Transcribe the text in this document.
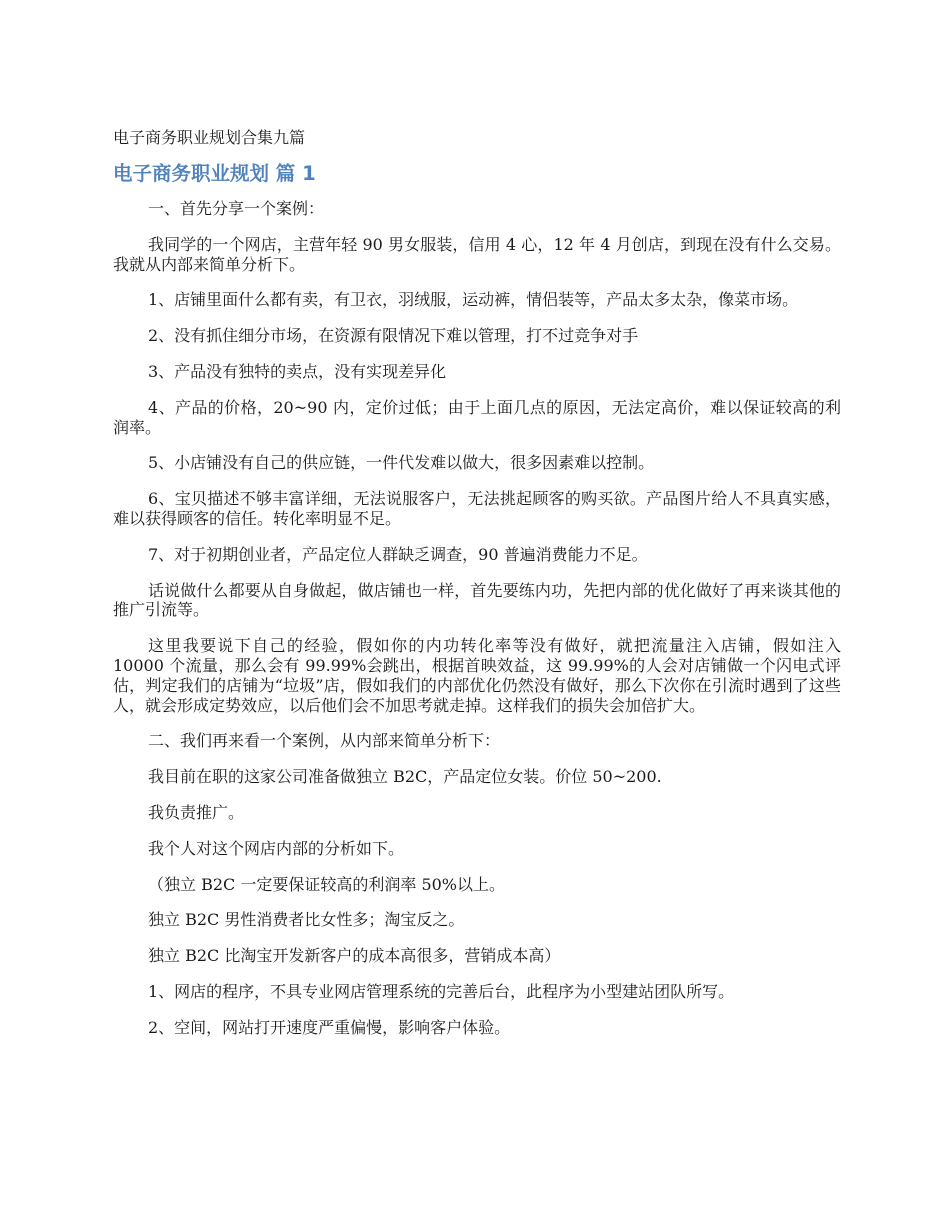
电子商务职业规划合集九篇

电子商务职业规划 篇 1

一、首先分享一个案例：

我同学的一个网店，主营年轻 90 男女服装，信用 4 心，12 年 4 月创店，到现在没有什么交易。我就从内部来简单分析下。

1、店铺里面什么都有卖，有卫衣，羽绒服，运动裤，情侣装等，产品太多太杂，像菜市场。

2、没有抓住细分市场，在资源有限情况下难以管理，打不过竞争对手

3、产品没有独特的卖点，没有实现差异化

4、产品的价格，20~90 内，定价过低；由于上面几点的原因，无法定高价，难以保证较高的利润率。

5、小店铺没有自己的供应链，一件代发难以做大，很多因素难以控制。

6、宝贝描述不够丰富详细，无法说服客户，无法挑起顾客的购买欲。产品图片给人不具真实感，难以获得顾客的信任。转化率明显不足。

7、对于初期创业者，产品定位人群缺乏调查，90 普遍消费能力不足。

话说做什么都要从自身做起，做店铺也一样，首先要练内功，先把内部的优化做好了再来谈其他的推广引流等。

这里我要说下自己的经验，假如你的内功转化率等没有做好，就把流量注入店铺，假如注入 10000 个流量，那么会有 99.99%会跳出，根据首映效益，这 99.99%的人会对店铺做一个闪电式评估，判定我们的店铺为“垃圾”店，假如我们的内部优化仍然没有做好，那么下次你在引流时遇到了这些人，就会形成定势效应，以后他们会不加思考就走掉。这样我们的损失会加倍扩大。

二、我们再来看一个案例，从内部来简单分析下：

我目前在职的这家公司准备做独立 B2C，产品定位女装。价位 50~200.

我负责推广。

我个人对这个网店内部的分析如下。

（独立 B2C 一定要保证较高的利润率 50%以上。

独立 B2C 男性消费者比女性多；淘宝反之。

独立 B2C 比淘宝开发新客户的成本高很多，营销成本高）

1、网店的程序，不具专业网店管理系统的完善后台，此程序为小型建站团队所写。

2、空间，网站打开速度严重偏慢，影响客户体验。
